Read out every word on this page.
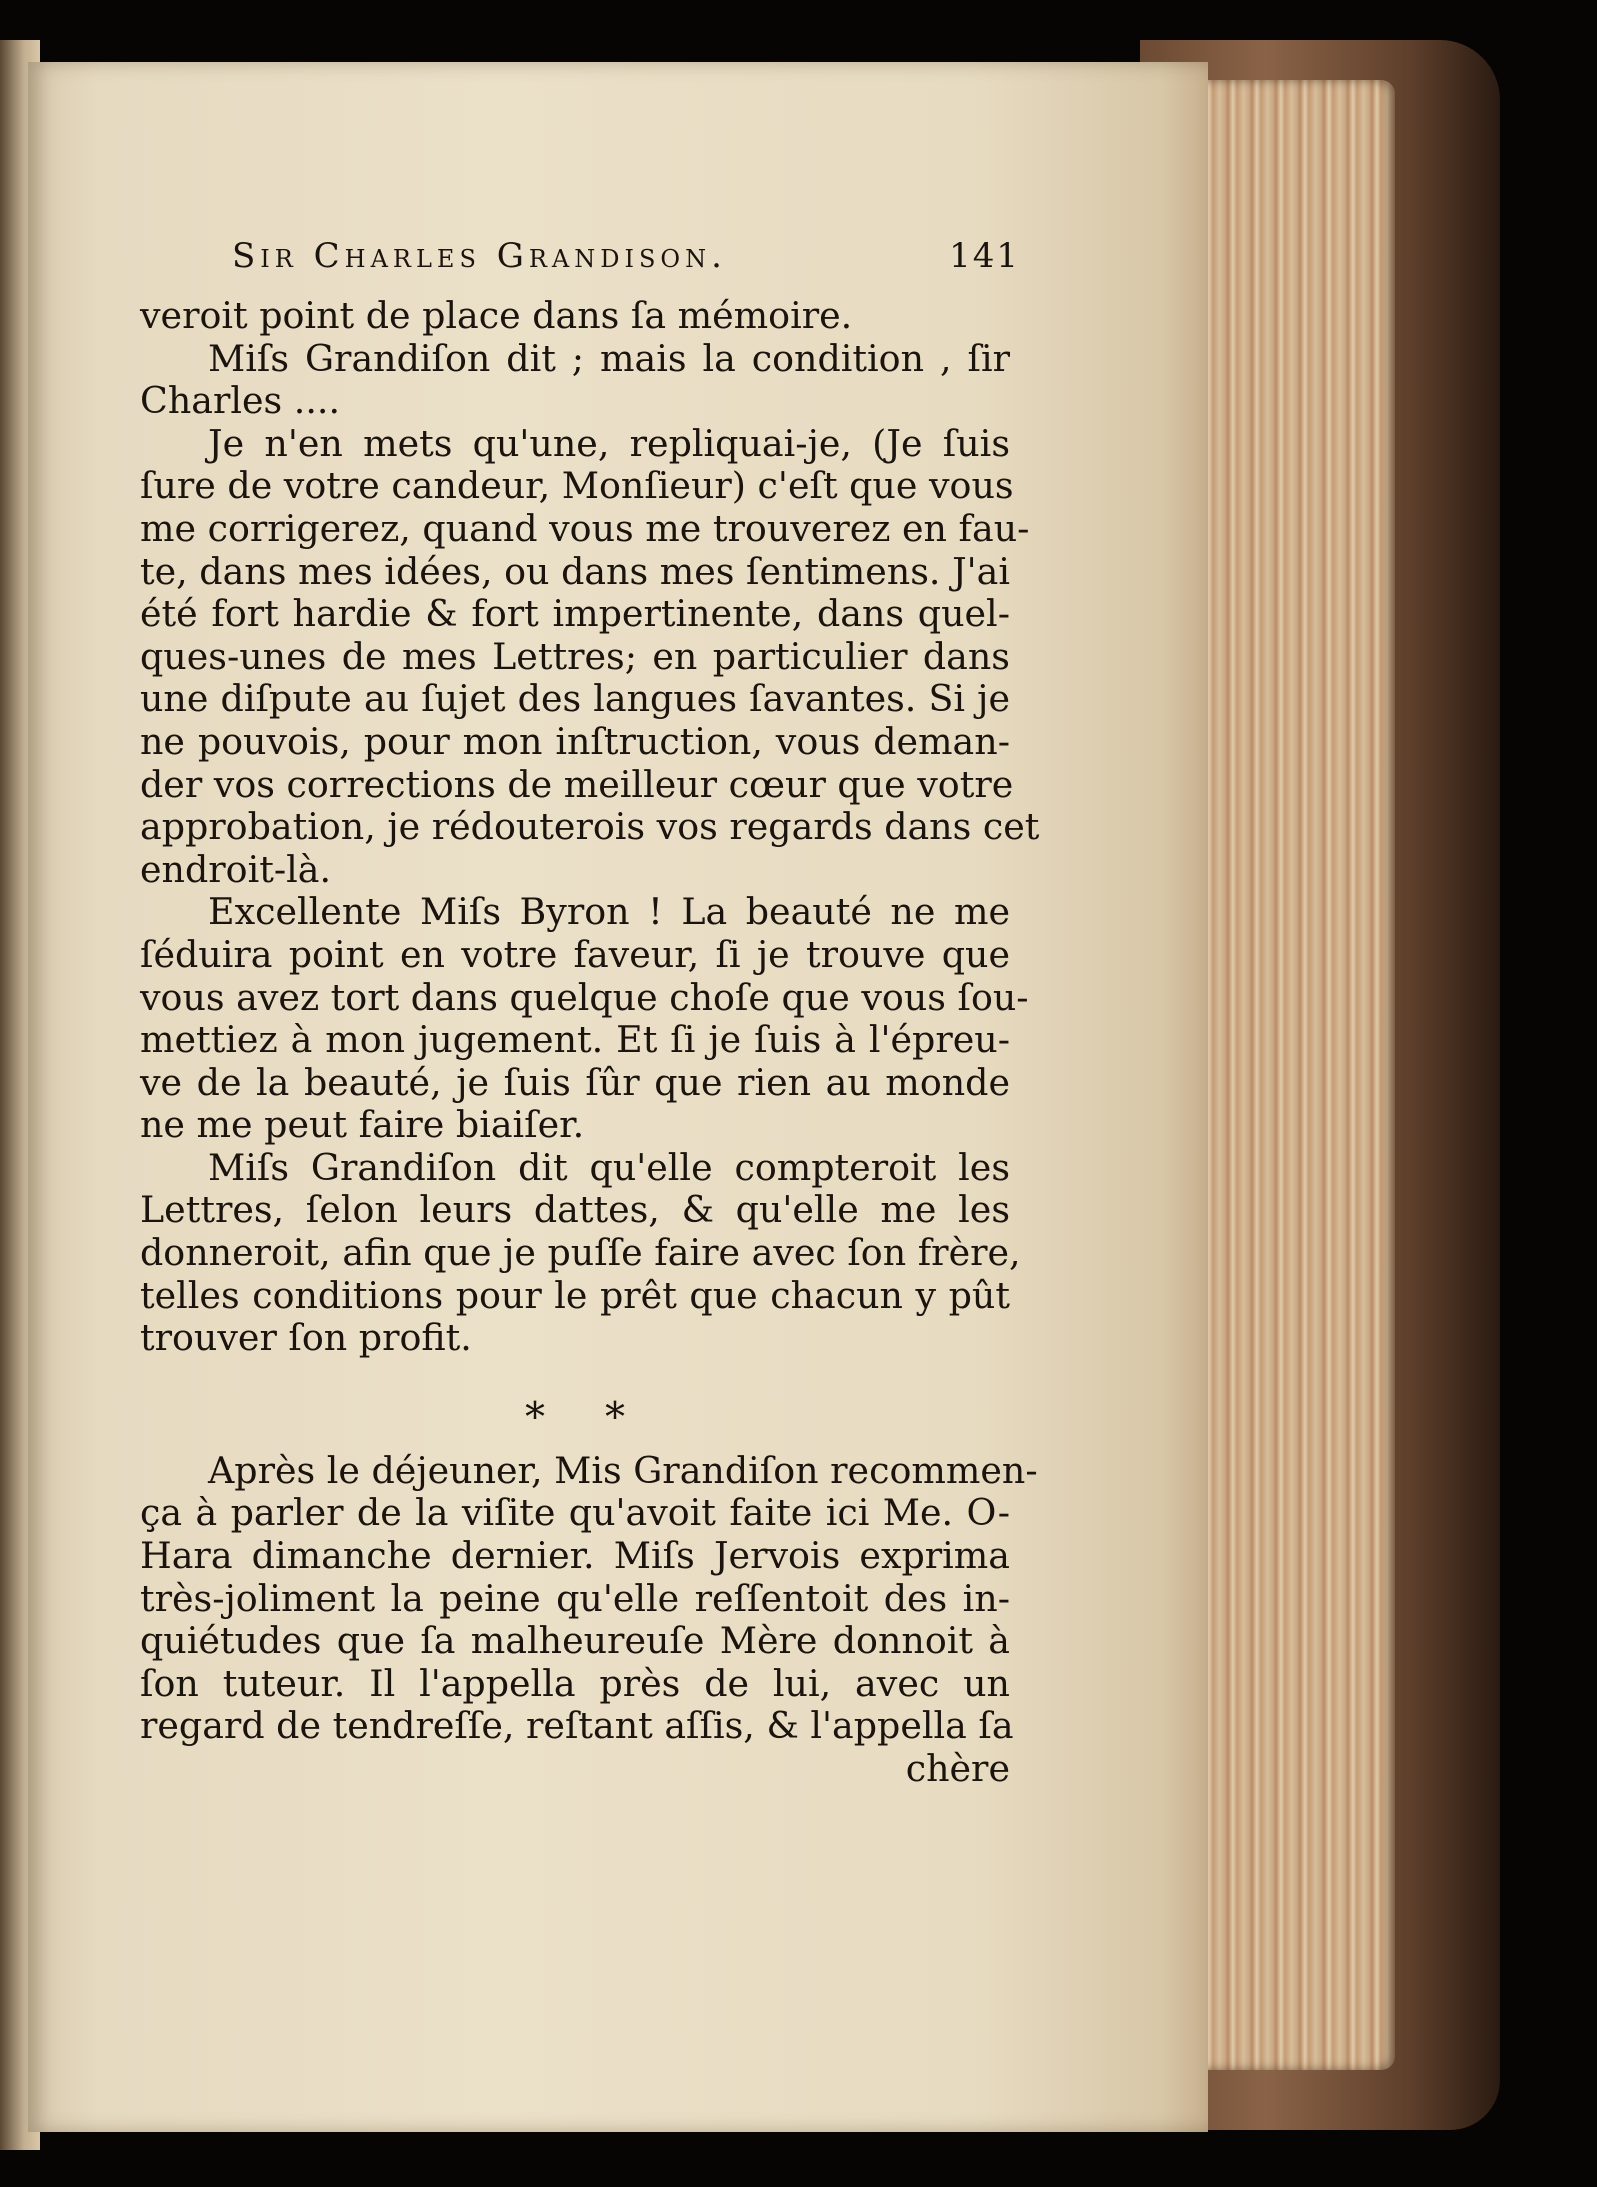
Sir Charles Grandison.	141
veroit point de place dans ſa mémoire.
Miſs Grandiſon dit ; mais la condition , ſir
Charles ....
Je n'en mets qu'une, repliquai-je, (Je ſuis
ſure de votre candeur, Monſieur) c'eſt que vous
me corrigerez, quand vous me trouverez en fau-
te, dans mes idées, ou dans mes ſentimens. J'ai
été fort hardie & fort impertinente, dans quel-
ques-unes de mes Lettres; en particulier dans
une diſpute au ſujet des langues ſavantes. Si je
ne pouvois, pour mon inſtruction, vous deman-
der vos corrections de meilleur cœur que votre
approbation, je rédouterois vos regards dans cet
endroit-là.
Excellente Miſs Byron ! La beauté ne me
ſéduira point en votre faveur, ſi je trouve que
vous avez tort dans quelque choſe que vous ſou-
mettiez à mon jugement. Et ſi je ſuis à l'épreu-
ve de la beauté, je ſuis ſûr que rien au monde
ne me peut faire biaiſer.
Miſs Grandiſon dit qu'elle compteroit les
Lettres, ſelon leurs dattes, & qu'elle me les
donneroit, afin que je puſſe faire avec ſon frère,
telles conditions pour le prêt que chacun y pût
trouver ſon profit.
⁎ ⁎
Après le déjeuner, Mis Grandiſon recommen-
ça à parler de la viſite qu'avoit faite ici Me. O-
Hara dimanche dernier. Miſs Jervois exprima
très-joliment la peine qu'elle reſſentoit des in-
quiétudes que ſa malheureuſe Mère donnoit à
ſon tuteur. Il l'appella près de lui, avec un
regard de tendreſſe, reſtant aſſis, & l'appella ſa
chère
